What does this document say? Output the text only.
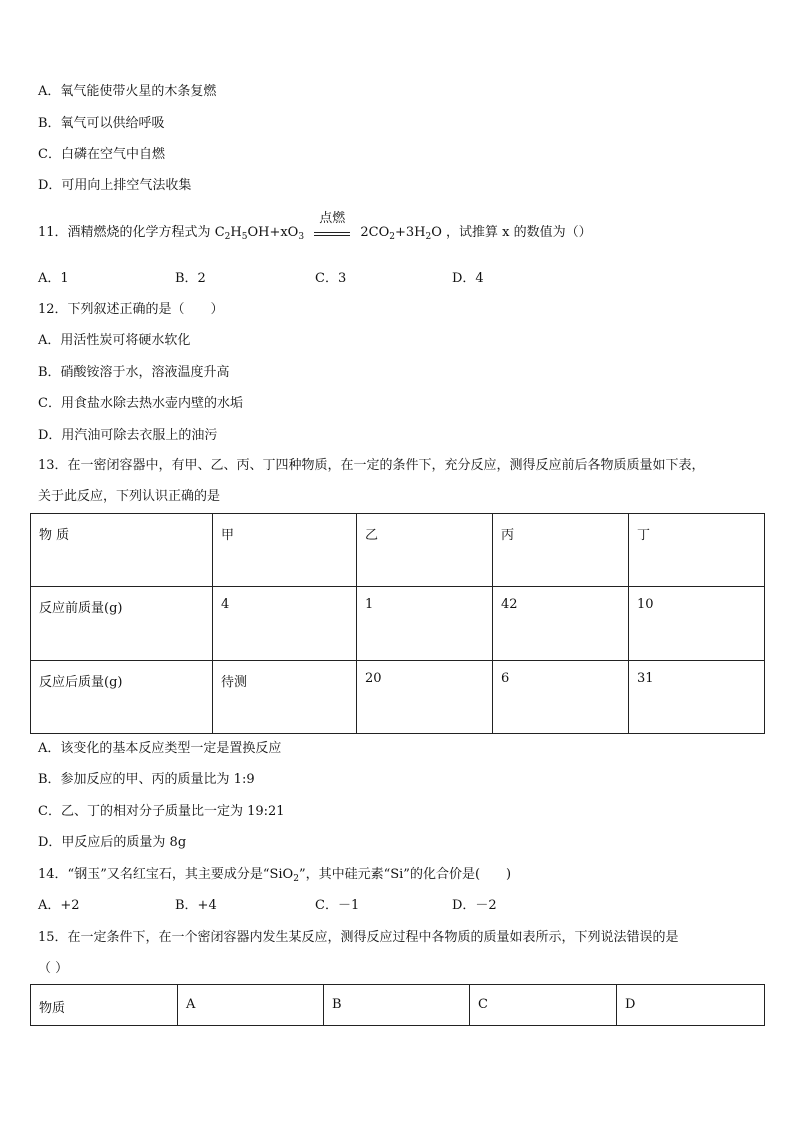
A．氧气能使带火星的木条复燃
B．氧气可以供给呼吸
C．白磷在空气中自燃
D．可用向上排空气法收集
11．酒精燃烧的化学方程式为 $C_2H_5OH+xO_3$
点燃
$2CO_2+3H_2O$ ，试推算 x 的数值为（）
A．1	B．2	C．3	D．4
12．下列叙述正确的是（　　）
A．用活性炭可将硬水软化
B．硝酸铵溶于水，溶液温度升高
C．用食盐水除去热水壶内壁的水垢
D．用汽油可除去衣服上的油污
13．在一密闭容器中，有甲、乙、丙、丁四种物质，在一定的条件下，充分反应，测得反应前后各物质质量如下表，
关于此反应，下列认识正确的是
物 质	甲	乙	丙	丁
反应前质量(g)	4	1	42	10
反应后质量(g)	待测	20	6	31
A．该变化的基本反应类型一定是置换反应
B．参加反应的甲、丙的质量比为 1:9
C．乙、丁的相对分子质量比一定为 19:21
D．甲反应后的质量为 8g
14．“钢玉”又名红宝石，其主要成分是“SiO$_2$”，其中硅元素“Si”的化合价是(　　)
A．+2	B．+4	C．－1	D．－2
15．在一定条件下，在一个密闭容器内发生某反应，测得反应过程中各物质的质量如表所示，下列说法错误的是
（ ）
物质	A	B	C	D
